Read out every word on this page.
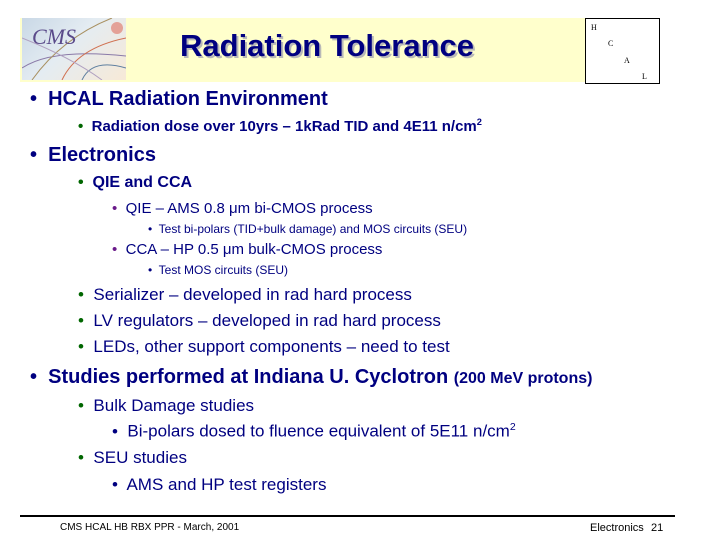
CMS	Radiation Tolerance
H
C
A
L
• HCAL Radiation Environment
• Radiation dose over 10yrs – 1kRad TID and 4E11 $n/cm^2$
• Electronics
• QIE and CCA
• QIE – AMS 0.8 μm bi-CMOS process
• Test bi-polars (TID+bulk damage) and MOS circuits (SEU)
• CCA – HP 0.5 μm bulk-CMOS process
• Test MOS circuits (SEU)
• Serializer – developed in rad hard process
• LV regulators – developed in rad hard process
• LEDs, other support components – need to test
• Studies performed at Indiana U. Cyclotron (200 MeV protons)
• Bulk Damage studies
• Bi-polars dosed to fluence equivalent of 5E11 $n/cm^2$
• SEU studies
• AMS and HP test registers
CMS HCAL HB RBX PPR - March, 2001	Electronics 21
